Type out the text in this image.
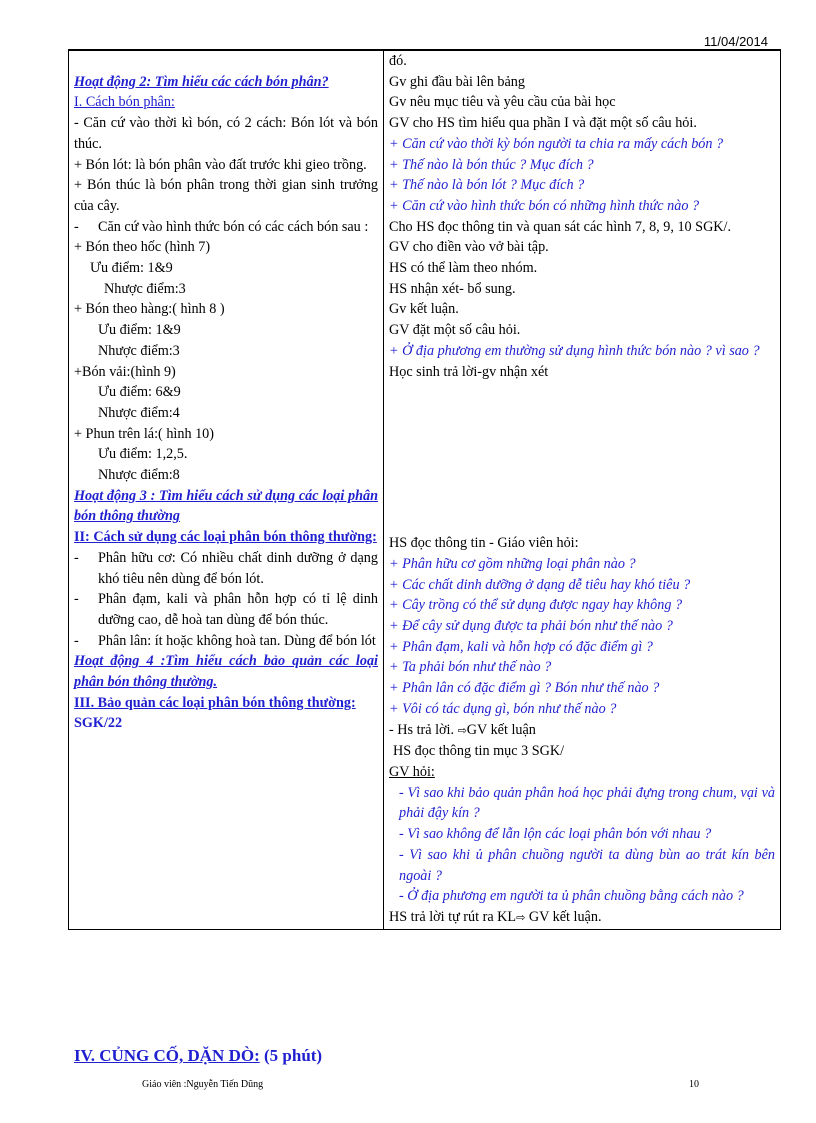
11/04/2014
Hoạt động 2: Tìm hiểu các cách bón phân?
I. Cách bón phân:
- Căn cứ vào thời kì bón, có 2 cách: Bón lót và bón thúc.
+ Bón lót: là bón phân vào đất trước khi gieo trồng.
+ Bón thúc là bón phân trong thời gian sinh trưởng của cây.
-	Căn cứ vào hình thức bón có các cách bón sau :
+ Bón theo hốc (hình 7)
Ưu điểm: 1&9
Nhược điểm:3
+ Bón theo hàng:( hình 8 )
Ưu điểm: 1&9
Nhược điểm:3
+Bón vải:(hình 9)
Ưu điểm: 6&9
Nhược điểm:4
+ Phun trên lá:( hình 10)
Ưu điểm: 1,2,5.
Nhược điểm:8
Hoạt động 3 : Tìm hiểu cách sử dụng các loại phân bón thông thường
II: Cách sử dụng các loại phân bón thông thường:
-	Phân hữu cơ: Có nhiều chất dinh dưỡng ở dạng khó tiêu nên dùng để bón lót.
-	Phân đạm, kali và phân hỗn hợp có tỉ lệ dinh dưỡng cao, dễ hoà tan dùng để bón thúc.
-	Phân lân: ít hoặc không hoà tan. Dùng để bón lót
Hoạt động 4 :Tìm hiểu cách bảo quản các loại phân bón thông thường.
III. Bảo quản các loại phân bón thông thường:
SGK/22

đó.
Gv ghi đầu bài lên bảng
Gv nêu mục tiêu và yêu cầu của bài học
GV cho HS tìm hiểu qua phần I và đặt một số câu hỏi.
+ Căn cứ vào thời kỳ bón người ta chia ra mấy cách bón ?
+ Thế nào là bón thúc ? Mục đích ?
+ Thế nào là bón lót ? Mục đích ?
+ Căn cứ vào hình thức bón có những hình thức nào ?
Cho HS đọc thông tin và quan sát các hình 7, 8, 9, 10 SGK/.
GV cho điền vào vở bài tập.
HS có thể làm theo nhóm.
HS nhận xét- bổ sung.
Gv kết luận.
GV đặt một số câu hỏi.
+ Ở địa phương em thường sử dụng hình thức bón nào ? vì sao ?
Học sinh trả lời-gv nhận xét
HS đọc thông tin - Giáo viên hỏi:
+ Phân hữu cơ gồm những loại phân nào ?
+ Các chất dinh dưỡng ở dạng dễ tiêu hay khó tiêu ?
+ Cây trồng có thể sử dụng được ngay hay không ?
+ Để cây sử dụng được ta phải bón như thế nào ?
+ Phân đạm, kali và hỗn hợp có đặc điểm gì ?
+ Ta phải bón như thế nào ?
+ Phân lân có đặc điểm gì ? Bón như thế nào ?
+ Vôi có tác dụng gì, bón như thế nào ?
- Hs trả lời. ⇨GV kết luận
HS đọc thông tin mục 3 SGK/
GV hỏi:
- Vì sao khi bảo quản phân hoá học phải đựng trong chum, vại và phải đậy kín ?
- Vì sao không để lẫn lộn các loại phân bón với nhau ?
- Vì sao khi ủ phân chuồng người ta dùng bùn ao trát kín bên ngoài ?
- Ở địa phương em người ta ủ phân chuồng bằng cách nào ?
HS trả lời tự rút ra KL⇨ GV kết luận.
IV. CỦNG CỐ, DẶN DÒ: (5 phút)
Giáo viên :Nguyễn Tiến Dũng	10
